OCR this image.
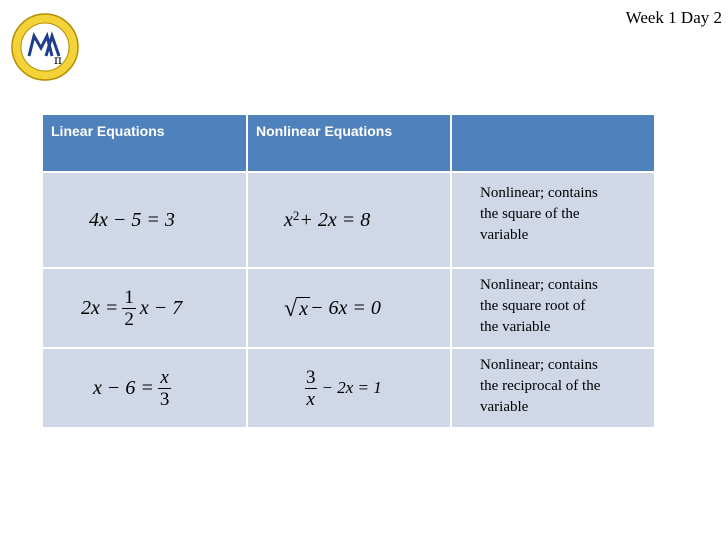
Week 1 Day 2
π
Linear Equations	Nonlinear Equations	

4x − 5 = 3	$x^2 + 2x = 8$	Nonlinear; contains
the square of the
variable

$2x = \frac{1}{2}$ x − 7	√ x − 6x = 0	Nonlinear; contains
the square root of
the variable

$x - 6 = \frac{x}{3}$	$\frac{3}{x} - 2x = 1$	Nonlinear; contains
the reciprocal of the
variable
